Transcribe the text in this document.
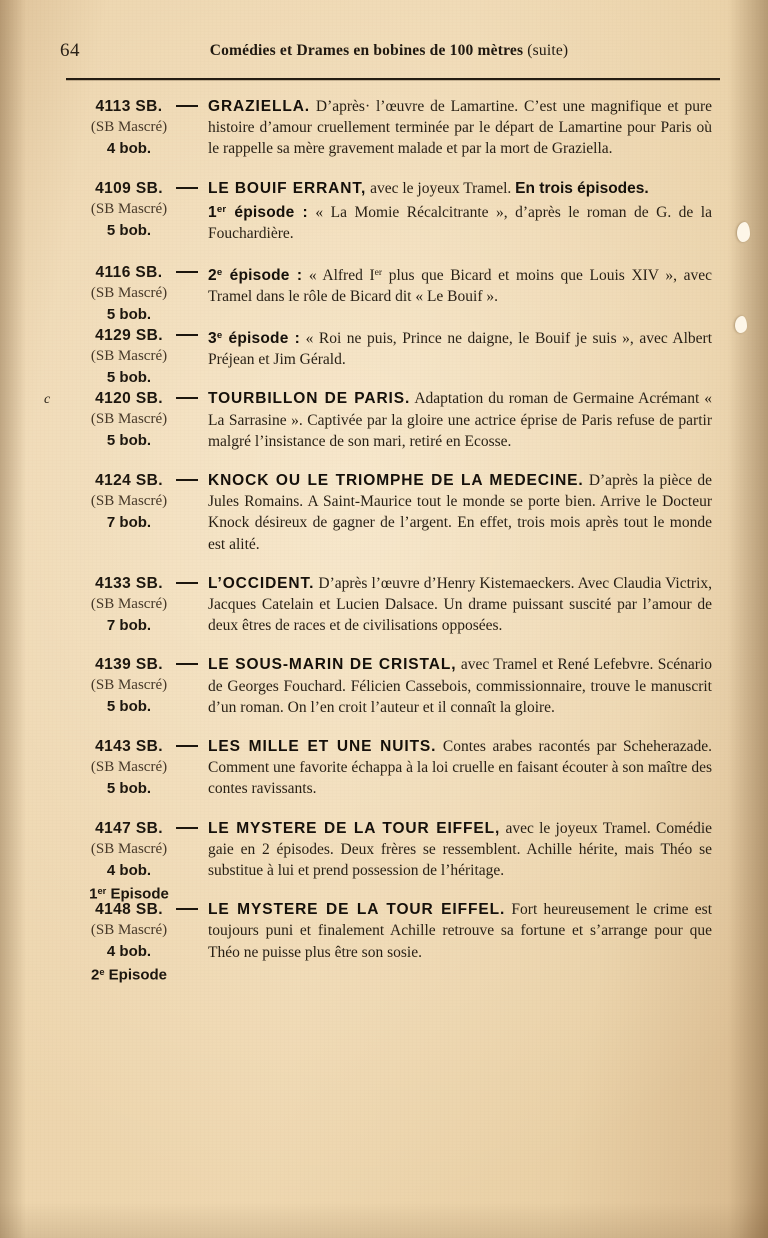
64	Comédies et Drames en bobines de 100 mètres (suite)
4113 SB.
(SB Mascré)
4 bob.
GRAZIELLA. D’après· l’œuvre de Lamartine. C’est une magnifique et pure histoire d’amour cruellement terminée par le départ de Lamartine pour Paris où le rappelle sa mère gravement malade et par la mort de Graziella.
4109 SB.
(SB Mascré)
5 bob.
LE BOUIF ERRANT, avec le joyeux Tramel. En trois épisodes.
1er épisode : « La Momie Récalcitrante », d’après le roman de G. de la Fouchardière.
4116 SB.
(SB Mascré)
5 bob.
2e épisode : « Alfred Ier plus que Bicard et moins que Louis XIV », avec Tramel dans le rôle de Bicard dit « Le Bouif ».
4129 SB.
(SB Mascré)
5 bob.
3e épisode : « Roi ne puis, Prince ne daigne, le Bouif je suis », avec Albert Préjean et Jim Gérald.
c	4120 SB.
(SB Mascré)
5 bob.
TOURBILLON DE PARIS. Adaptation du roman de Germaine Acrémant « La Sarrasine ». Captivée par la gloire une actrice éprise de Paris refuse de partir malgré l’insistance de son mari, retiré en Ecosse.
4124 SB.
(SB Mascré)
7 bob.
KNOCK OU LE TRIOMPHE DE LA MEDECINE. D’après la pièce de Jules Romains. A Saint-Maurice tout le monde se porte bien. Arrive le Docteur Knock désireux de gagner de l’argent. En effet, trois mois après tout le monde est alité.
4133 SB.
(SB Mascré)
7 bob.
L’OCCIDENT. D’après l’œuvre d’Henry Kistemaeckers. Avec Claudia Victrix, Jacques Catelain et Lucien Dalsace. Un drame puissant suscité par l’amour de deux êtres de races et de civilisations opposées.
4139 SB.
(SB Mascré)
5 bob.
LE SOUS-MARIN DE CRISTAL, avec Tramel et René Lefebvre. Scénario de Georges Fouchard. Félicien Cassebois, commissionnaire, trouve le manuscrit d’un roman. On l’en croit l’auteur et il connaît la gloire.
4143 SB.
(SB Mascré)
5 bob.
LES MILLE ET UNE NUITS. Contes arabes racontés par Scheherazade. Comment une favorite échappa à la loi cruelle en faisant écouter à son maître des contes ravissants.
4147 SB.
(SB Mascré)
4 bob.
1er Episode
LE MYSTERE DE LA TOUR EIFFEL, avec le joyeux Tramel. Comédie gaie en 2 épisodes. Deux frères se ressemblent. Achille hérite, mais Théo se substitue à lui et prend possession de l’héritage.
4148 SB.
(SB Mascré)
4 bob.
2e Episode
LE MYSTERE DE LA TOUR EIFFEL. Fort heureusement le crime est toujours puni et finalement Achille retrouve sa fortune et s’arrange pour que Théo ne puisse plus être son sosie.
